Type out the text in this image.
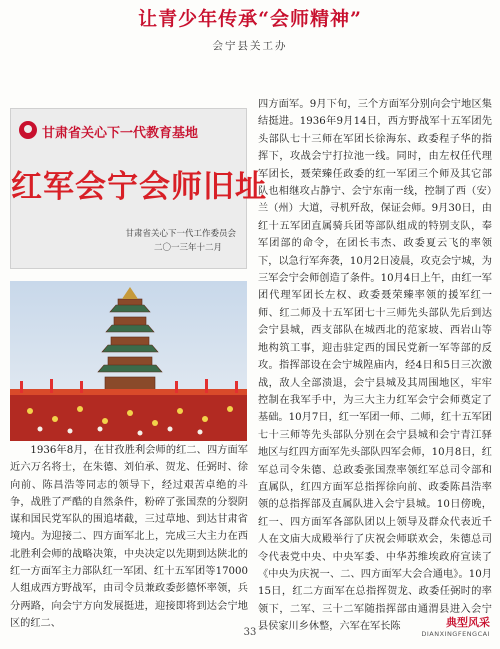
让青少年传承“会师精神”
会宁县关工办
甘肃省关心下一代教育基地
红军会宁会师旧址
甘肃省关心下一代工作委员会
二〇一三年十二月

1936年8月，在甘孜胜利会师的红二、四方面军近六万名将士，在朱德、刘伯承、贺龙、任弼时、徐向前、陈昌浩等同志的领导下，经过艰苦卓绝的斗争，战胜了严酷的自然条件，粉碎了张国焘的分裂阴谋和国民党军队的围追堵截，三过草地、到达甘肃省境内。为迎接二、四方面军北上，完成三大主力在西北胜利会师的战略决策，中央决定以先期到达陕北的红一方面军主力部队红一军团、红十五军团等17000人组成西方野战军，由司令员兼政委彭德怀率领，兵分两路，向会宁方向发展挺进，迎接即将到达会宁地区的红二、

四方面军。9月下旬，三个方面军分别向会宁地区集结挺进。1936年9月14日，西方野战军十五军团先头部队七十三师在军团长徐海东、政委程子华的指挥下，攻战会宁打拉池一线。同时，由左权任代理军团长，聂荣臻任政委的红一军团三个师及其它部队也相继攻占静宁、会宁东南一线，控制了西（安）兰（州）大道，寻机歼敌，保证会师。9月30日，由红十五军团直属骑兵团等部队组成的特别支队，奉军团部的命令，在团长韦杰、政委夏云飞的率领下，以急行军奔袭，10月2日凌晨，攻克会宁城，为三军会宁会师创造了条件。10月4日上午，由红一军团代理军团长左权、政委聂荣臻率领的援军红一师、红二师及十五军团七十三师先头部队先后到达会宁县城，西支部队在城西北的范家坡、西岩山等地构筑工事，迎击驻定西的国民党新一军等部的反攻。指挥部设在会宁城隍庙内，经4日和5日三次激战，敌人全部溃退，会宁县城及其周围地区，牢牢控制在我军手中，为三大主力红军会宁会师奠定了基础。10月7日，红一军团一师、二师，红十五军团七十三师等先头部队分别在会宁县城和会宁青江驿地区与红四方面军先头部队四军会师，10月8日，红军总司令朱德、总政委张国焘率领红军总司令部和直属队，红四方面军总指挥徐向前、政委陈昌浩率领的总指挥部及直属队进入会宁县城。10日傍晚，红一、四方面军各部队团以上领导及群众代表近千人在文庙大成殿举行了庆祝会师联欢会，朱德总司令代表党中央、中央军委、中华苏维埃政府宣读了《中央为庆祝一、二、四方面军大会合通电》。10月15日，红二方面军在总指挥贺龙、政委任弼时的率领下，二军、三十二军随指挥部由通渭县进入会宁县侯家川乡休整，六军在军长陈

33
典型风采
DIANXINGFENGCAI
